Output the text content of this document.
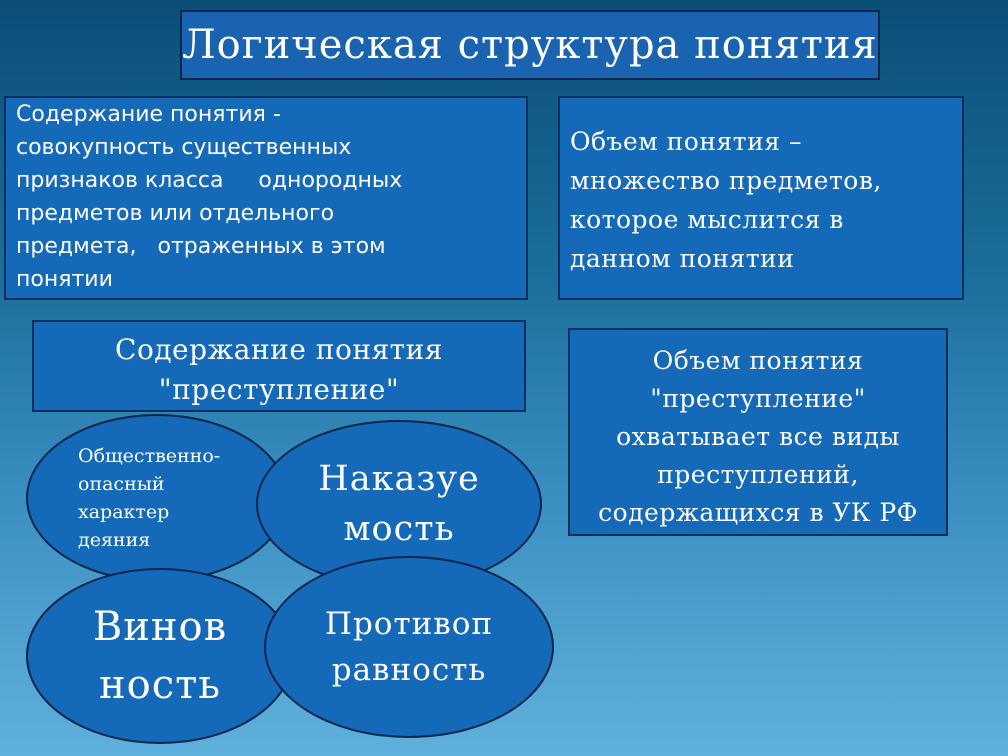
Логическая структура понятия
Содержание понятия -
совокупность существенных
признаков класса     однородных
предметов или отдельного
предмета,   отраженных в этом
понятии
Объем понятия –
множество предметов,
которое мыслится в
данном понятии
Содержание понятия
"преступление"
Объем понятия
"преступление"
охватывает все виды
преступлений,
содержащихся в УК РФ
Общественно-
опасный
характер
деяния
Наказуе
мость
Винов
ность
Противоп
равность
